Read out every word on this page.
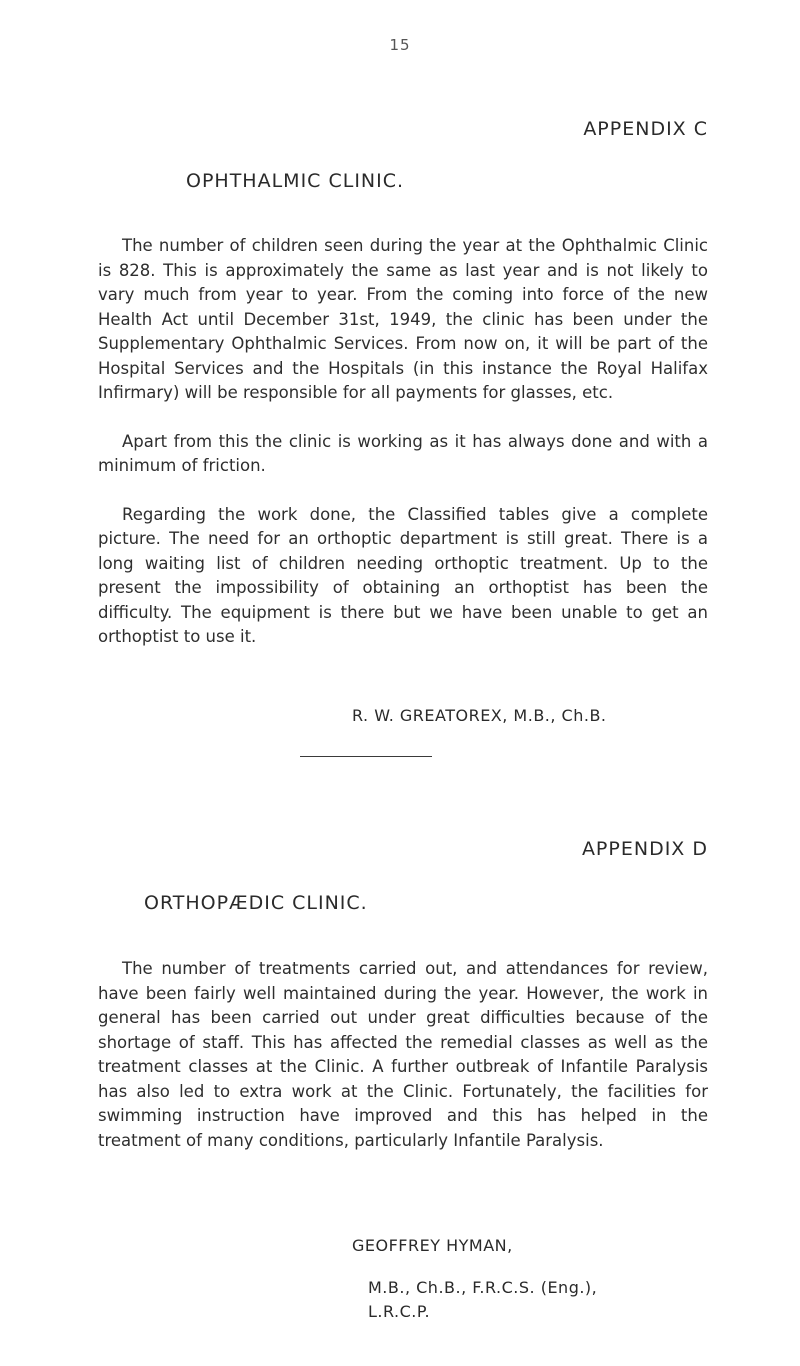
15
APPENDIX C
OPHTHALMIC CLINIC.

The number of children seen during the year at the Ophthalmic Clinic is 828. This is approximately the same as last year and is not likely to vary much from year to year. From the coming into force of the new Health Act until December 31st, 1949, the clinic has been under the Supplementary Ophthalmic Services. From now on, it will be part of the Hospital Services and the Hospitals (in this instance the Royal Halifax Infirmary) will be responsible for all payments for glasses, etc.

Apart from this the clinic is working as it has always done and with a minimum of friction.

Regarding the work done, the Classified tables give a complete picture. The need for an orthoptic department is still great. There is a long waiting list of children needing orthoptic treatment. Up to the present the impossibility of obtaining an orthoptist has been the difficulty. The equipment is there but we have been unable to get an orthoptist to use it.

R. W. GREATOREX, M.B., Ch.B.
APPENDIX D
ORTHOPÆDIC CLINIC.

The number of treatments carried out, and attendances for review, have been fairly well maintained during the year. However, the work in general has been carried out under great difficulties because of the shortage of staff. This has affected the remedial classes as well as the treatment classes at the Clinic. A further outbreak of Infantile Paralysis has also led to extra work at the Clinic. Fortunately, the facilities for swimming instruction have improved and this has helped in the treatment of many conditions, particularly Infantile Paralysis.

GEOFFREY HYMAN,
M.B., Ch.B., F.R.C.S. (Eng.),
L.R.C.P.
